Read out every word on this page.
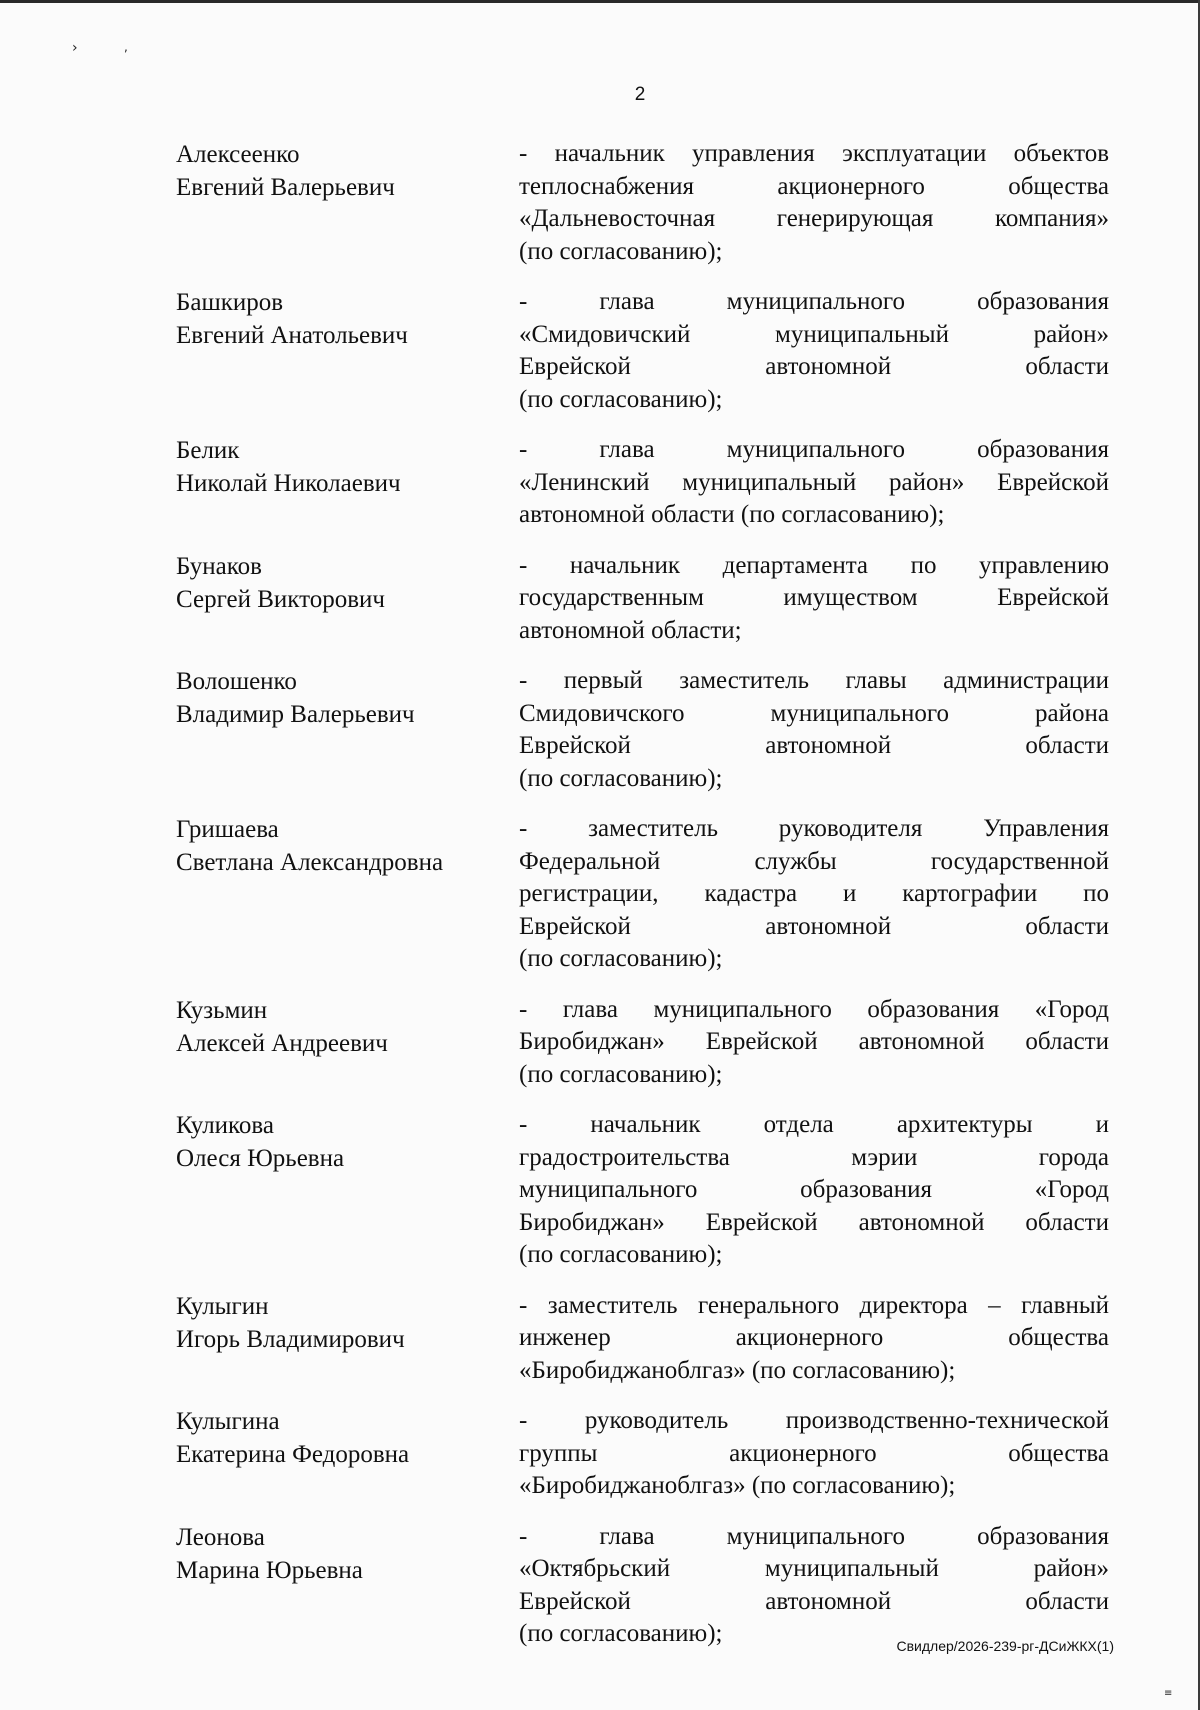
›	,
≡
2
Алексеенко
Евгений Валерьевич
- начальник управления эксплуатации объектов
теплоснабжения акционерного общества
«Дальневосточная генерирующая компания»
(по согласованию);
Башкиров
Евгений Анатольевич
- глава муниципального образования
«Смидовичский муниципальный район»
Еврейской автономной области
(по согласованию);
Белик
Николай Николаевич
- глава муниципального образования
«Ленинский муниципальный район» Еврейской
автономной области (по согласованию);
Бунаков
Сергей Викторович
- начальник департамента по управлению
государственным имуществом Еврейской
автономной области;
Волошенко
Владимир Валерьевич
- первый заместитель главы администрации
Смидовичского муниципального района
Еврейской автономной области
(по согласованию);
Гришаева
Светлана Александровна
- заместитель руководителя Управления
Федеральной службы государственной
регистрации, кадастра и картографии по
Еврейской автономной области
(по согласованию);
Кузьмин
Алексей Андреевич
- глава муниципального образования «Город
Биробиджан» Еврейской автономной области
(по согласованию);
Куликова
Олеся Юрьевна
- начальник отдела архитектуры и
градостроительства мэрии города
муниципального образования «Город
Биробиджан» Еврейской автономной области
(по согласованию);
Кулыгин
Игорь Владимирович
- заместитель генерального директора – главный
инженер акционерного общества
«Биробиджаноблгаз» (по согласованию);
Кулыгина
Екатерина Федоровна
- руководитель производственно-технической
группы акционерного общества
«Биробиджаноблгаз» (по согласованию);
Леонова
Марина Юрьевна
- глава муниципального образования
«Октябрьский муниципальный район»
Еврейской автономной области
(по согласованию);	Свидлер/2026-239-рг-ДСиЖКХ(1)
